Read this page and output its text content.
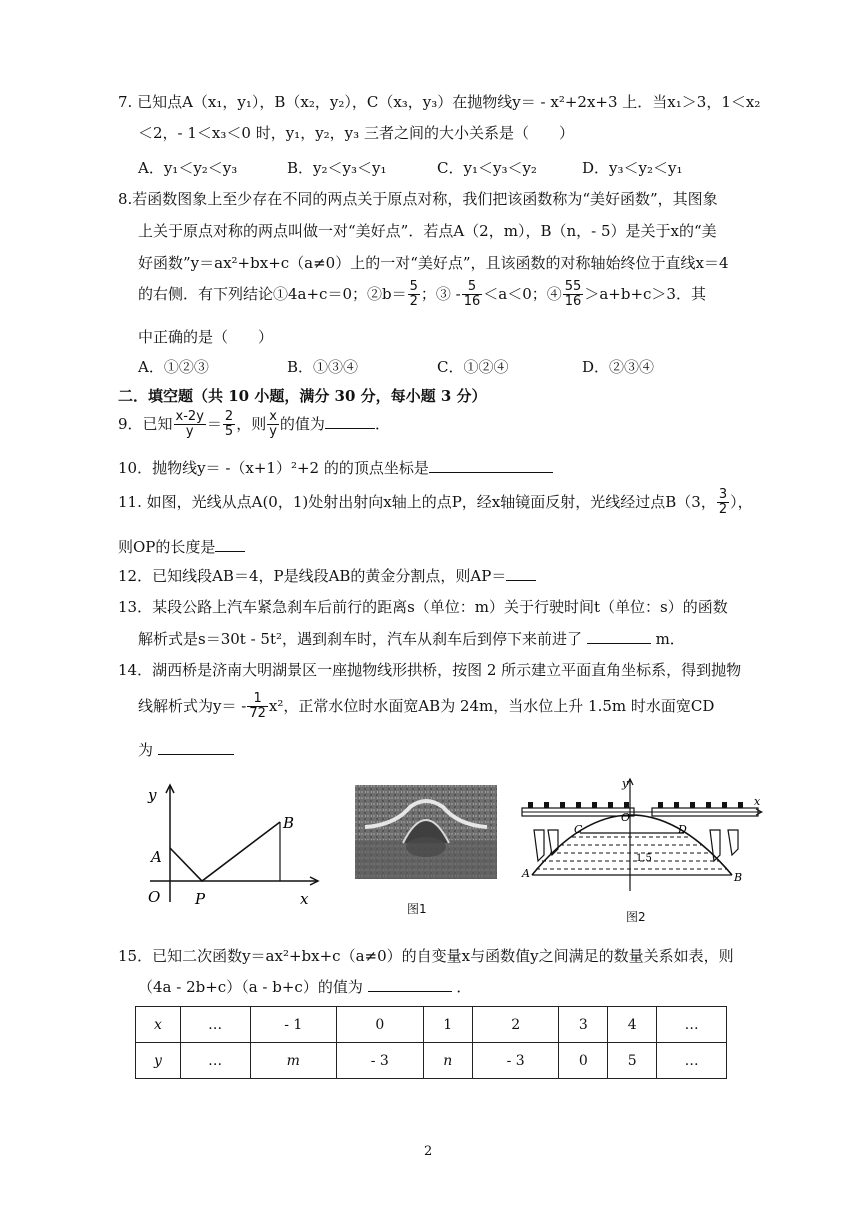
7. 已知点A（x₁，y₁），B（x₂，y₂），C（x₃，y₃）在抛物线y＝ - x²+2x+3 上．当x₁＞3，1＜x₂
＜2，- 1＜x₃＜0 时，y₁，y₂，y₃ 三者之间的大小关系是（　　）
A．y₁＜y₂＜y₃	B．y₂＜y₃＜y₁	C．y₁＜y₃＜y₂	D．y₃＜y₂＜y₁
8.若函数图象上至少存在不同的两点关于原点对称，我们把该函数称为“美好函数”，其图象
上关于原点对称的两点叫做一对“美好点”．若点A（2，m），B（n，- 5）是关于x的“美
好函数”y＝ax²+bx+c（a≠0）上的一对“美好点”，且该函数的对称轴始终位于直线x＝4
的右侧．有下列结论①4a+c＝0；②b＝ $\frac{5}{2}$ ；③ - $\frac{5}{16} <a<0$；④ $\frac{55}{16} >a+b+c>3$．其
中正确的是（　　）
A．①②③	B．①③④	C．①②④	D．②③④
二．填空题（共 10 小题，满分 30 分，每小题 3 分）
9．已知 $\frac{x-2y}{y} = \frac{2}{5}$ ，则 $\frac{x}{y}$ 的值为	．
10．抛物线y＝ -（x+1）²+2 的的顶点坐标是
11. 如图，光线从点A(0，1)处射出射向x轴上的点P，经x轴镜面反射，光线经过点B（3， $\frac{3}{2}$ ），
则OP的长度是
12．已知线段AB＝4，P是线段AB的黄金分割点，则AP＝
13．某段公路上汽车紧急刹车后前行的距离s（单位：m）关于行驶时间t（单位：s）的函数
解析式是s＝30t - 5t²，遇到刹车时，汽车从刹车后到停下来前进了	m．
14．湖西桥是济南大明湖景区一座抛物线形拱桥，按图 2 所示建立平面直角坐标系，得到抛物
线解析式为$y= - \frac{1}{72} x^2$，正常水位时水面宽AB为 24m，当水位上升 1.5m 时水面宽CD
为
y
x
A
B
O P
图1
y
x
O
C	D
A	B
1.5
图2
15．已知二次函数y＝ax²+bx+c（a≠0）的自变量x与函数值y之间满足的数量关系如表，则
（4a - 2b+c）（a - b+c）的值为	．
x	…	- 1	0	1	2	3	4	…
y	…	m	- 3	n	- 3	0	5	…
2
